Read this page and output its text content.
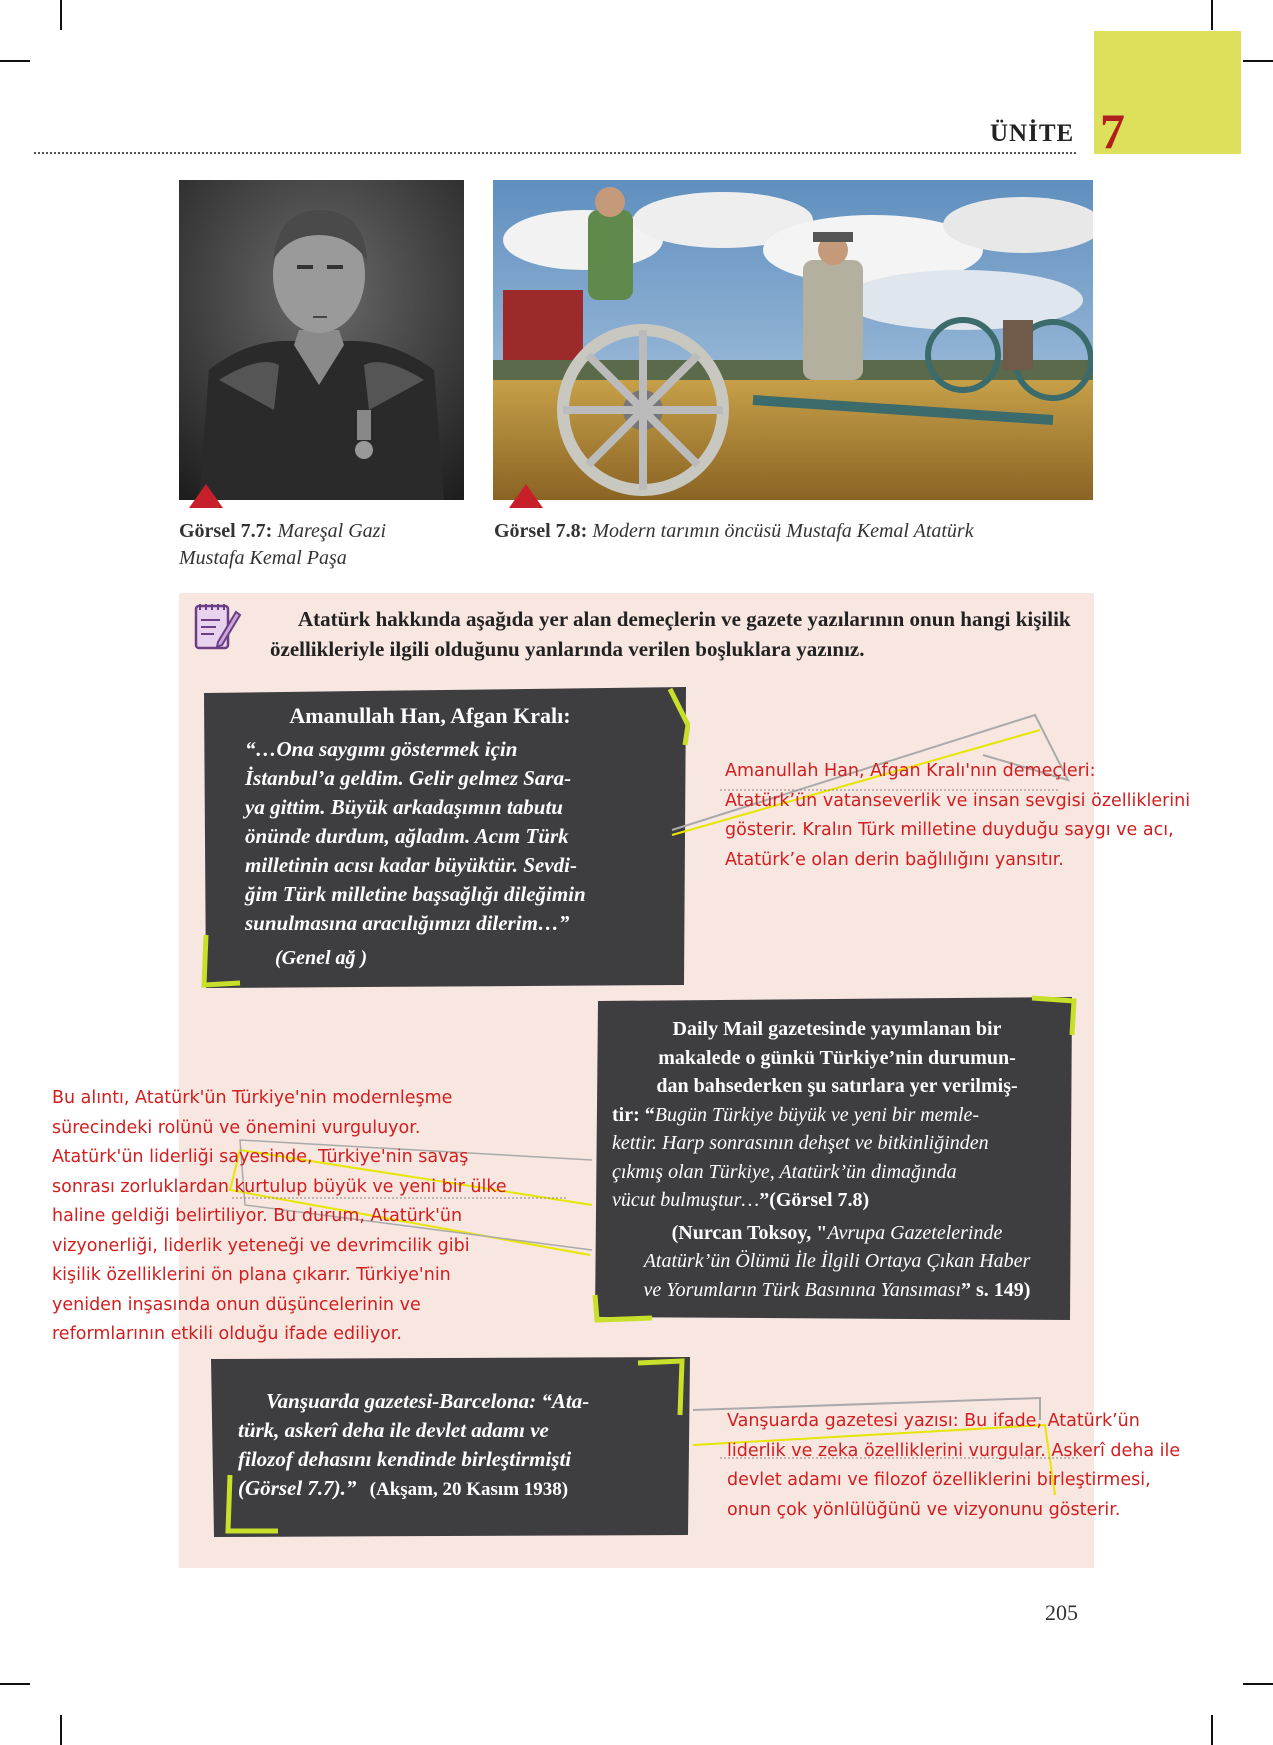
ÜNİTE 7
Görsel 7.7: Mareşal Gazi
Mustafa Kemal Paşa
Görsel 7.8: Modern tarımın öncüsü Mustafa Kemal Atatürk
Atatürk hakkında aşağıda yer alan demeçlerin ve gazete yazılarının onun hangi kişilik özellikleriyle ilgili olduğunu yanlarında verilen boşluklara yazınız.
Amanullah Han, Afgan Kralı:
“…Ona saygımı göstermek için
İstanbul’a geldim. Gelir gelmez Sara-
ya gittim. Büyük arkadaşımın tabutu
önünde durdum, ağladım. Acım Türk
milletinin acısı kadar büyüktür. Sevdi-
ğim Türk milletine başsağlığı dileğimin
sunulmasına aracılığımızı dilerim…”
(Genel ağ )
Daily Mail gazetesinde yayımlanan bir
makalede o günkü Türkiye’nin durumun-
dan bahsederken şu satırlara yer verilmiş-
tir: “Bugün Türkiye büyük ve yeni bir memle-
kettir. Harp sonrasının dehşet ve bitkinliğinden
çıkmış olan Türkiye, Atatürk’ün dimağında
vücut bulmuştur…”(Görsel 7.8)
(Nurcan Toksoy, "Avrupa Gazetelerinde
Atatürk’ün Ölümü İle İlgili Ortaya Çıkan Haber
ve Yorumların Türk Basınına Yansıması” s. 149)
Vanşuarda gazetesi-Barcelona: “Ata-
türk, askerî deha ile devlet adamı ve
filozof dehasını kendinde birleştirmişti
(Görsel 7.7).” (Akşam, 20 Kasım 1938)
Amanullah Han, Afgan Kralı'nın demeçleri:
Atatürk’ün vatanseverlik ve insan sevgisi özelliklerini
gösterir. Kralın Türk milletine duyduğu saygı ve acı,
Atatürk’e olan derin bağlılığını yansıtır.
Bu alıntı, Atatürk'ün Türkiye'nin modernleşme
sürecindeki rolünü ve önemini vurguluyor.
Atatürk'ün liderliği sayesinde, Türkiye'nin savaş
sonrası zorluklardan kurtulup büyük ve yeni bir ülke
haline geldiği belirtiliyor. Bu durum, Atatürk'ün
vizyonerliği, liderlik yeteneği ve devrimcilik gibi
kişilik özelliklerini ön plana çıkarır. Türkiye'nin
yeniden inşasında onun düşüncelerinin ve
reformlarının etkili olduğu ifade ediliyor.
Vanşuarda gazetesi yazısı: Bu ifade, Atatürk’ün
liderlik ve zeka özelliklerini vurgular. Askerî deha ile
devlet adamı ve filozof özelliklerini birleştirmesi,
onun çok yönlülüğünü ve vizyonunu gösterir.
205
